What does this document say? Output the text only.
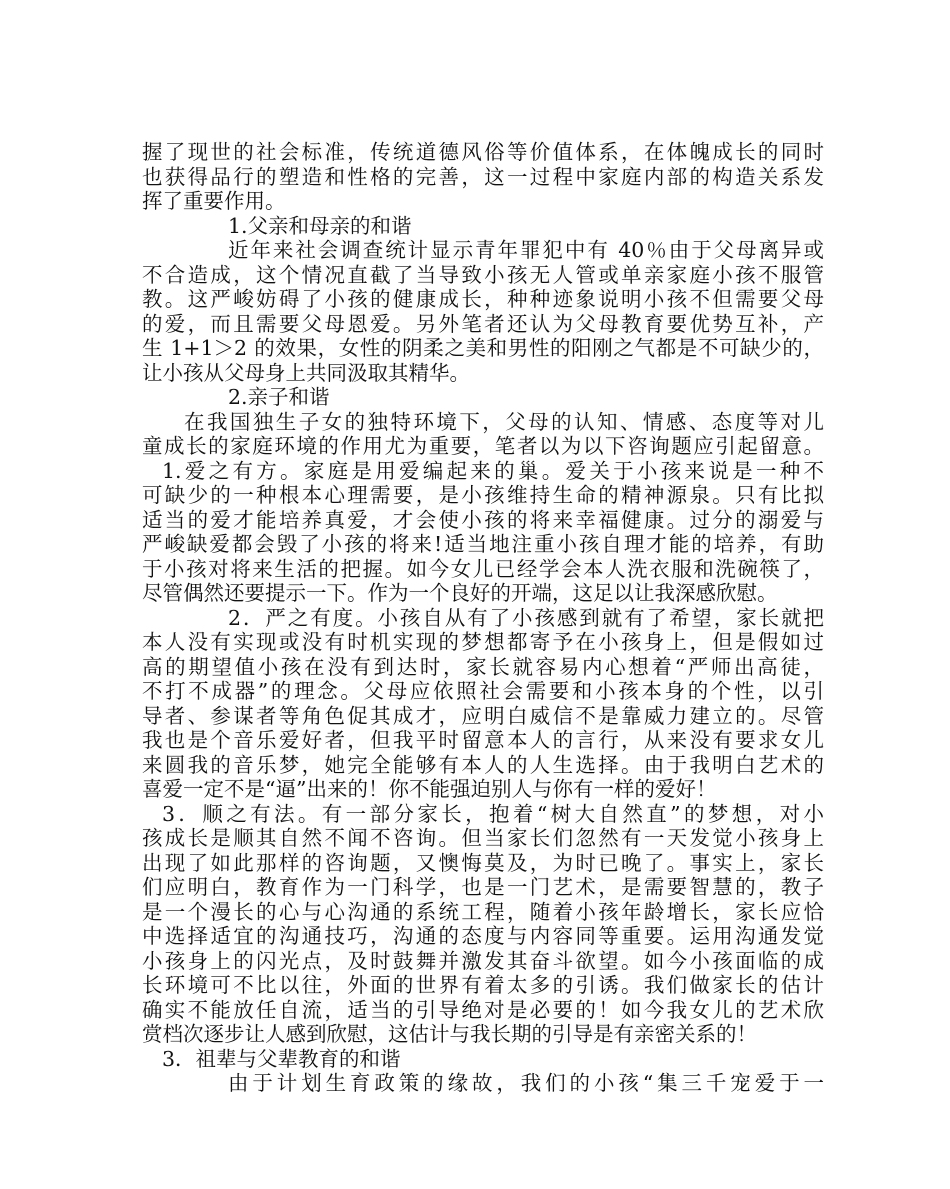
握了现世的社会标准，传统道德风俗等价值体系，在体魄成长的同时
也获得品行的塑造和性格的完善，这一过程中家庭内部的构造关系发
挥了重要作用。
1.父亲和母亲的和谐
近年来社会调查统计显示青年罪犯中有 40％由于父母离异或
不合造成，这个情况直截了当导致小孩无人管或单亲家庭小孩不服管
教。这严峻妨碍了小孩的健康成长，种种迹象说明小孩不但需要父母
的爱，而且需要父母恩爱。另外笔者还认为父母教育要优势互补，产
生 1+1＞2 的效果，女性的阴柔之美和男性的阳刚之气都是不可缺少的，
让小孩从父母身上共同汲取其精华。
2.亲子和谐
在我国独生子女的独特环境下，父母的认知、情感、态度等对儿
童成长的家庭环境的作用尤为重要，笔者以为以下咨询题应引起留意。
1.爱之有方。家庭是用爱编起来的巢。爱关于小孩来说是一种不
可缺少的一种根本心理需要，是小孩维持生命的精神源泉。只有比拟
适当的爱才能培养真爱，才会使小孩的将来幸福健康。过分的溺爱与
严峻缺爱都会毁了小孩的将来!适当地注重小孩自理才能的培养，有助
于小孩对将来生活的把握。如今女儿已经学会本人洗衣服和洗碗筷了，
尽管偶然还要提示一下。作为一个良好的开端，这足以让我深感欣慰。
2．严之有度。小孩自从有了小孩感到就有了希望，家长就把
本人没有实现或没有时机实现的梦想都寄予在小孩身上，但是假如过
高的期望值小孩在没有到达时，家长就容易内心想着“严师出高徒，
不打不成器”的理念。父母应依照社会需要和小孩本身的个性，以引
导者、参谋者等角色促其成才，应明白威信不是靠威力建立的。尽管
我也是个音乐爱好者，但我平时留意本人的言行，从来没有要求女儿
来圆我的音乐梦，她完全能够有本人的人生选择。由于我明白艺术的
喜爱一定不是“逼”出来的！你不能强迫别人与你有一样的爱好！
3．顺之有法。有一部分家长，抱着“树大自然直”的梦想，对小
孩成长是顺其自然不闻不咨询。但当家长们忽然有一天发觉小孩身上
出现了如此那样的咨询题，又懊悔莫及，为时已晚了。事实上，家长
们应明白，教育作为一门科学，也是一门艺术，是需要智慧的，教子
是一个漫长的心与心沟通的系统工程，随着小孩年龄增长，家长应恰
中选择适宜的沟通技巧，沟通的态度与内容同等重要。运用沟通发觉
小孩身上的闪光点，及时鼓舞并激发其奋斗欲望。如今小孩面临的成
长环境可不比以往，外面的世界有着太多的引诱。我们做家长的估计
确实不能放任自流，适当的引导绝对是必要的！如今我女儿的艺术欣
赏档次逐步让人感到欣慰，这估计与我长期的引导是有亲密关系的！
3．祖辈与父辈教育的和谐
由于计划生育政策的缘故，我们的小孩“集三千宠爱于一
